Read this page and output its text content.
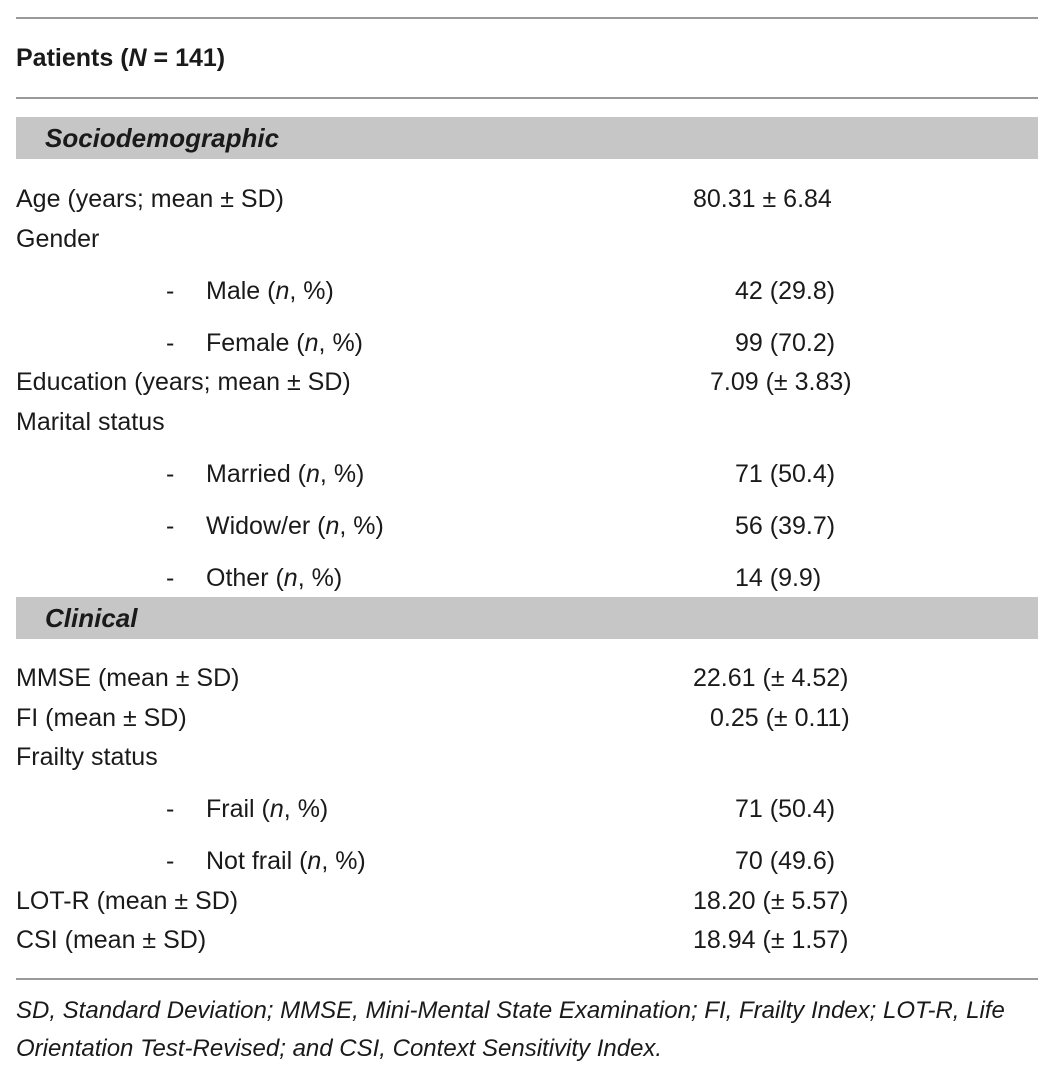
Patients (N = 141)
Sociodemographic
Age (years; mean ± SD)	80.31 ± 6.84
Gender
- Male (n, %)	42 (29.8)
- Female (n, %)	99 (70.2)
Education (years; mean ± SD)	7.09 (± 3.83)
Marital status
- Married (n, %)	71 (50.4)
- Widow/er (n, %)	56 (39.7)
- Other (n, %)	14 (9.9)
Clinical
MMSE (mean ± SD)	22.61 (± 4.52)
FI (mean ± SD)	0.25 (± 0.11)
Frailty status
- Frail (n, %)	71 (50.4)
- Not frail (n, %)	70 (49.6)
LOT-R (mean ± SD)	18.20 (± 5.57)
CSI (mean ± SD)	18.94 (± 1.57)
SD, Standard Deviation; MMSE, Mini-Mental State Examination; FI, Frailty Index; LOT-R, Life Orientation Test-Revised; and CSI, Context Sensitivity Index.
